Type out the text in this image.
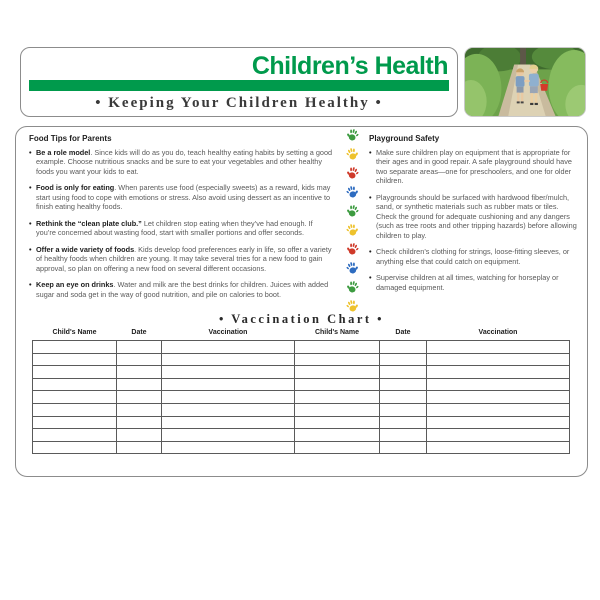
Children’s Health
• Keeping Your Children Healthy •
Food Tips for Parents
• Be a role model. Since kids will do as you do, teach healthy eating habits by setting a good example. Choose nutritious snacks and be sure to eat your vegetables and other healthy foods you want your kids to eat.
• Food is only for eating. When parents use food (especially sweets) as a reward, kids may start using food to cope with emotions or stress. Also avoid using dessert as an incentive to finish eating healthy foods.
• Rethink the “clean plate club.” Let children stop eating when they’ve had enough. If you’re concerned about wasting food, start with smaller portions and offer seconds.
• Offer a wide variety of foods. Kids develop food preferences early in life, so offer a variety of healthy foods when children are young. It may take several tries for a new food to gain approval, so plan on offering a new food on several different occasions.
• Keep an eye on drinks. Water and milk are the best drinks for children. Juices with added sugar and soda get in the way of good nutrition, and pile on calories to boot.
Playground Safety
• Make sure children play on equipment that is appropriate for their ages and in good repair. A safe playground should have two separate areas—one for preschoolers, and one for older children.
• Playgrounds should be surfaced with hardwood fiber/mulch, sand, or synthetic materials such as rubber mats or tiles. Check the ground for adequate cushioning and any dangers (such as tree roots and other tripping hazards) before allowing children to play.
• Check children’s clothing for strings, loose-fitting sleeves, or anything else that could catch on equipment.
• Supervise children at all times, watching for horseplay or damaged equipment.
• Vaccination Chart •
Child's Name	Date	Vaccination	Child's Name	Date	Vaccination
